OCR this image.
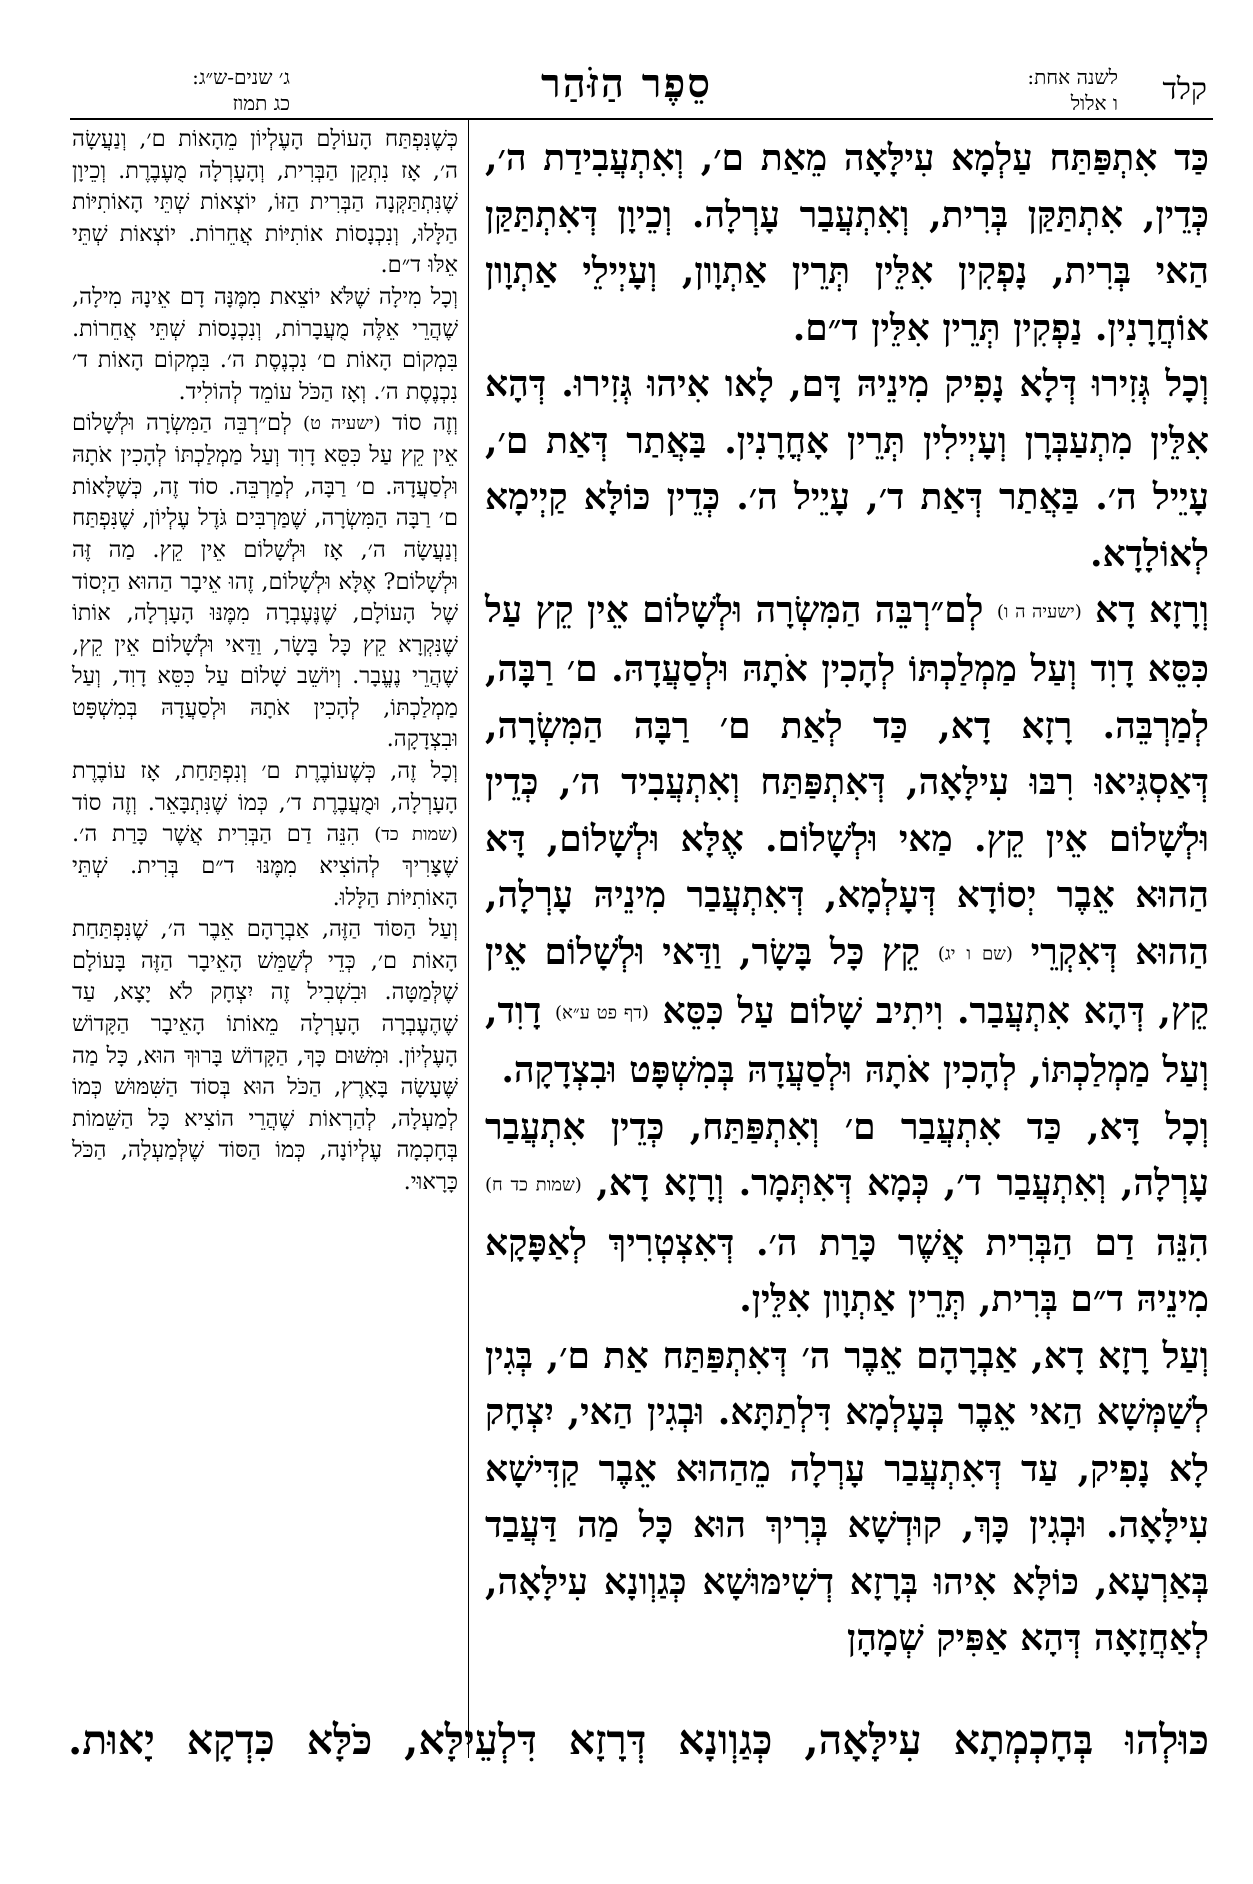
קלד
לשנה אחת:
ו אלול
סֵפֶר הַזֹּהַר
ג׳ שנים-ש״ג:
כג תמוז

כַּד אִתְפַּתַּח עַלְמָא עִילָּאָה מֵאַת ם׳, וְאִתְעֲבִידַת ה׳, כְּדֵין, אִתְתַּקַּן בְּרִית, וְאִתְעֲבַר עָרְלָה. וְכֵיוָן דְּאִתְתַּקַּן הַאי בְּרִית, נָפְקִין אִלֵּין תְּרֵין אַתְוָון, וְעָיְילֵי אַתְוָון אוֹחֲרָנִין. נַפְקִין תְּרֵין אִלֵּין ד״ם.

וְכָל גְּזִירוּ דְּלָא נָפִיק מִינֵיהּ דָּם, לָאו אִיהוּ גְּזִירוּ. דְּהָא אִלֵּין מִתְעַבְּרָן וְעָיְילִין תְּרֵין אָחֳרָנִין. בַּאֲתַר דְּאַת ם׳, עָיֵיל ה׳. בַּאֲתַר דְּאַת ד׳, עָיֵיל ה׳. כְּדֵין כּוֹלָּא קַיְימָא לְאוֹלָדָא.

וְרָזָא דָא (ישעיה ה ו) לְם״רְבֵּה הַמִּשְׂרָה וּלְשָׁלוֹם אֵין קֵץ עַל כִּסֵּא דָוִד וְעַל מַמְלַכְתּוֹ לְהָכִין אֹתָהּ וּלְסַעֲדָהּ. ם׳ רַבָּה, לְמַרְבֵּה. רָזָא דָא, כַּד לְאַת ם׳ רַבָּה הַמִּשְׂרָה, דְּאַסְגִּיאוּ רִבּוּ עִילָּאָה, דְּאִתְפַּתַּח וְאִתְעֲבִיד ה׳, כְּדֵין וּלְשָׁלוֹם אֵין קֵץ. מַאי וּלְשָׁלוֹם. אֶלָּא וּלְשָׁלוֹם, דָּא הַהוּא אֵבֶר יְסוֹדָא דְּעָלְמָא, דְּאִתְעֲבַר מִינֵיהּ עָרְלָה, הַהוּא דְּאִקְרֵי (שם ו יג) קֵץ כָּל בָּשָׂר, וַדַּאי וּלְשָׁלוֹם אֵין קֵץ, דְּהָא אִתְעֲבַר. וִיתִיב שָׁלוֹם עַל כִּסֵּא (דף פט ע״א) דָוִד, וְעַל מַמְלַכְתּוֹ, לְהָכִין אֹתָהּ וּלְסַעֲדָהּ בְּמִשְׁפָּט וּבִצְדָקָה.

וְכָל דָּא, כַּד אִתְעֲבַר ם׳ וְאִתְפַּתַּח, כְּדֵין אִתְעֲבַר עָרְלָה, וְאִתְעֲבַר ד׳, כְּמָא דְּאִתְּמָר. וְרָזָא דָא, (שמות כד ח) הִנֵּה דַם הַבְּרִית אֲשֶׁר כָּרַת ה׳. דְּאִצְטְרִיךְ לְאַפָּקָא מִינֵיהּ ד״ם בְּרִית, תְּרֵין אַתְוָון אִלֵּין.

וְעַל רָזָא דָא, אַבְרָהָם אֵבֶר ה׳ דְּאִתְפַּתַּח אַת ם׳, בְּגִין לְשַׁמְּשָׁא הַאי אֵבֶר בְּעָלְמָא דִּלְתַתָּא. וּבְגִין הַאי, יִצְחָק לָא נָפִיק, עַד דְּאִתְעֲבַר עָרְלָה מֵהַהוּא אֵבֶר קַדִּישָׁא עִילָּאָה. וּבְגִין כָּךְ, קוּדְשָׁא בְּרִיךְ הוּא כָּל מַה דַּעֲבַד בְּאַרְעָא, כּוֹלָּא אִיהוּ בְּרָזָא דְשִׁימּוּשָׁא כְּגַוְונָא עִילָּאָה, לְאַחֲזָאָה דְּהָא אַפִּיק שְׁמָהָן

כְּשֶׁנִּפְתַּח הָעוֹלָם הָעֶלְיוֹן מֵהָאוֹת ם׳, וְנַעֲשָׂה ה׳, אָז נִתְקַן הַבְּרִית, וְהָעָרְלָה מֻעֶבֶרֶת. וְכֵיוָן שֶׁנִּתְתַּקְּנָה הַבְּרִית הַזּוֹ, יוֹצְאוֹת שְׁתֵּי הָאוֹתִיּוֹת הַלָּלוּ, וְנִכְנָסוֹת אוֹתִיּוֹת אֲחֵרוֹת. יוֹצְאוֹת שְׁתֵּי אֵלּוּ ד״ם.

וְכָל מִילָה שֶׁלֹּא יוֹצֵאת מִמֶּנָּה דָם אֵינָהּ מִילָה, שֶׁהֲרֵי אֵלֶּה מֻעֲבָרוֹת, וְנִכְנָסוֹת שְׁתֵּי אֲחֵרוֹת. בִּמְקוֹם הָאוֹת ם׳ נִכְנֶסֶת ה׳. בִּמְקוֹם הָאוֹת ד׳ נִכְנֶסֶת ה׳. וְאָז הַכֹּל עוֹמֵד לְהוֹלִיד.

וְזֶה סוֹד (ישעיה ט) לְם״רְבֵּה הַמִּשְׂרָה וּלְשָׁלוֹם אֵין קֵץ עַל כִּסֵּא דָוִד וְעַל מַמְלַכְתּוֹ לְהָכִין אֹתָהּ וּלְסַעֲדָהּ. ם׳ רַבָּה, לְמַרְבֵּה. סוֹד זֶה, כְּשֶׁלָּאוֹת ם׳ רַבָּה הַמִּשְׂרָה, שֶׁמַּרְבִּים גֹּדֶל עֶלְיוֹן, שֶׁנִּפְתַּח וְנַעֲשָׂה ה׳, אָז וּלְשָׁלוֹם אֵין קֵץ. מַה זֶּה וּלְשָׁלוֹם? אֶלָּא וּלְשָׁלוֹם, זֶהוּ אֵיבָר הַהוּא הַיְסוֹד שֶׁל הָעוֹלָם, שֶׁנֶּעֶבְרָה מִמֶּנּוּ הָעָרְלָה, אוֹתוֹ שֶׁנִּקְרָא קֵץ כָּל בָּשָׂר, וַדַּאי וּלְשָׁלוֹם אֵין קֵץ, שֶׁהֲרֵי נֶעֱבָר. וְיוֹשֵׁב שָׁלוֹם עַל כִּסֵּא דָוִד, וְעַל מַמְלַכְתּוֹ, לְהָכִין אֹתָהּ וּלְסַעֲדָהּ בְּמִשְׁפָּט וּבִצְדָקָה.

וְכָל זֶה, כְּשֶׁעוֹבֶרֶת ם׳ וְנִפְתַּחַת, אָז עוֹבֶרֶת הָעָרְלָה, וּמֻעֲבֶרֶת ד׳, כְּמוֹ שֶׁנִּתְבָּאֵר. וְזֶה סוֹד (שמות כד) הִנֵּה דַם הַבְּרִית אֲשֶׁר כָּרַת ה׳. שֶׁצָּרִיךְ לְהוֹצִיא מִמֶּנּוּ ד״ם בְּרִית. שְׁתֵּי הָאוֹתִיּוֹת הַלָּלוּ.

וְעַל הַסּוֹד הַזֶּה, אַבְרָהָם אֵבֶר ה׳, שֶׁנִּפְתַּחַת הָאוֹת ם׳, כְּדֵי לְשַׁמֵּשׁ הָאֵיבָר הַזֶּה בָּעוֹלָם שֶׁלְּמַטָּה. וּבִשְׁבִיל זֶה יִצְחָק לֹא יָצָא, עַד שֶׁהֶעֶבְרָה הָעָרְלָה מֵאוֹתוֹ הָאֵיבָר הַקָּדוֹשׁ הָעֶלְיוֹן. וּמִשּׁוּם כָּךְ, הַקָּדוֹשׁ בָּרוּךְ הוּא, כָּל מַה שֶּׁעָשָׂה בָּאָרֶץ, הַכֹּל הוּא בְּסוֹד הַשִּׁמּוּשׁ כְּמוֹ לְמַעְלָה, לְהַרְאוֹת שֶׁהֲרֵי הוֹצִיא כָּל הַשֵּׁמוֹת בְּחָכְמָה עֶלְיוֹנָה, כְּמוֹ הַסּוֹד שֶׁלְּמַעְלָה, הַכֹּל כָּרָאוּי.

כּוּלְהוּ בְּחָכְמְתָא עִילָּאָה, כְּגַוְונָא דְּרָזָא דִּלְעֵילָּא, כֹּלָּא כִּדְקָא יָאוּת.
